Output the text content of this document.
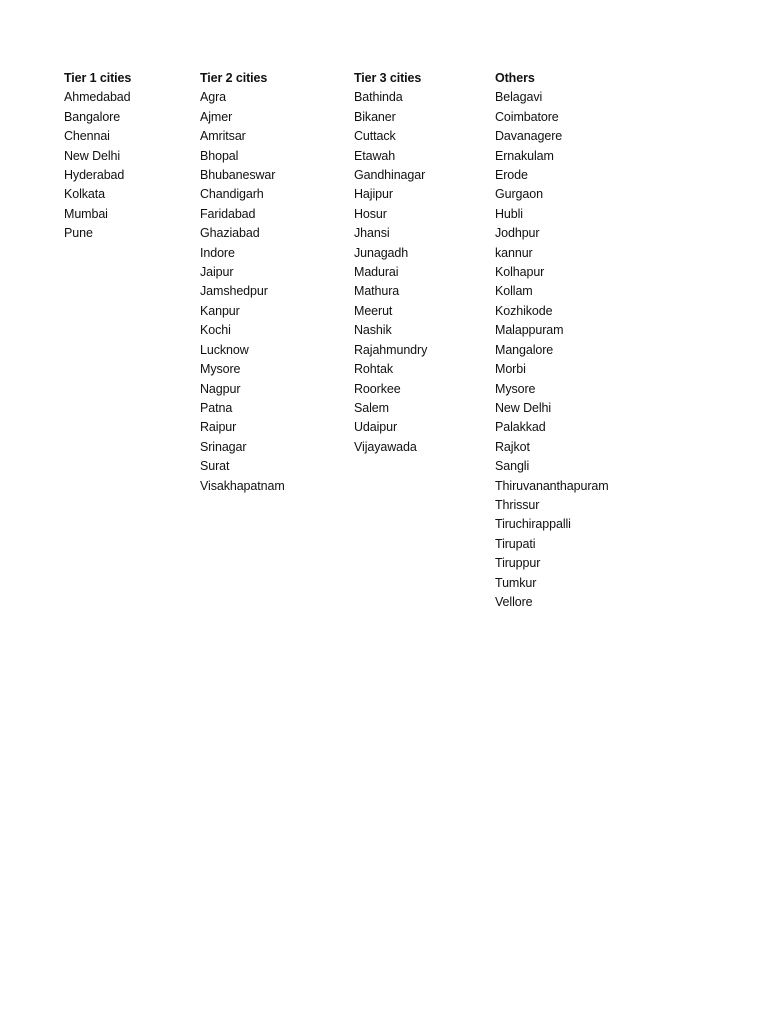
Tier 1 cities
Ahmedabad
Bangalore
Chennai
New Delhi
Hyderabad
Kolkata
Mumbai
Pune
Tier 2 cities
Agra
Ajmer
Amritsar
Bhopal
Bhubaneswar
Chandigarh
Faridabad
Ghaziabad
Indore
Jaipur
Jamshedpur
Kanpur
Kochi
Lucknow
Mysore
Nagpur
Patna
Raipur
Srinagar
Surat
Visakhapatnam
Tier 3 cities
Bathinda
Bikaner
Cuttack
Etawah
Gandhinagar
Hajipur
Hosur
Jhansi
Junagadh
Madurai
Mathura
Meerut
Nashik
Rajahmundry
Rohtak
Roorkee
Salem
Udaipur
Vijayawada
Others
Belagavi
Coimbatore
Davanagere
Ernakulam
Erode
Gurgaon
Hubli
Jodhpur
kannur
Kolhapur
Kollam
Kozhikode
Malappuram
Mangalore
Morbi
Mysore
New Delhi
Palakkad
Rajkot
Sangli
Thiruvananthapuram
Thrissur
Tiruchirappalli
Tirupati
Tiruppur
Tumkur
Vellore
